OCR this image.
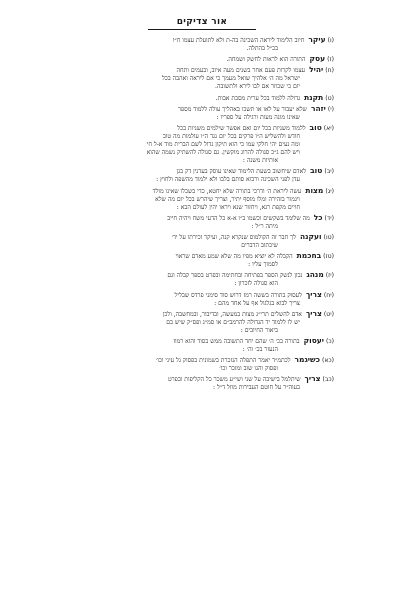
אור צדיקים
(ו)עיקרחיוב הלימוד ליראה השכינה בה-ת ולא לתועלת עצמו ח״ו
בכ״ל בהתלה.
(ז)עסקהתורה הוא לראות לחשק ושמחה.
(ח)יהילעצמו לקרות פעם אחר בשנים מעה איוב, ובעמים ותחה
ישראל מה ה׳ אלהיך שואל מעמך כי אם ליראה ואהבה בכל
יום כי שכוזר אם לבו לירא ולתשובה.
(ט)תקנתגדולה ללמוד בכל ערית מסכת אבות.
(י)יזהרשלא יעבור על לאו או תשכו באהליך עולה ללמוד מספר
שאינו מונה מעות ורגילה על ספריו :
(יא)טובללמוד משניות בכל יום ואם אפשר שילמים משניות בכל
חודש ולהשליש ה״ו פרקים בכל יום נגד ה״ו עולמות מה טוב
ומה נעים יהי חלקי עמו כי הוא תיקון גדול לשם הברית מוד א-ל חי
ויש להם ג״כ סגולה להרוג מוקשין. גם סגולה להשתיק נשמה שהוא
אותיות משנה :
(יב)טובלאדם שיחשוב בשעת הלימוד שאינו עוסק בעדנין דק בגן
עדן לפני השכינה ורבוא סותם בלבו ולא ילמוד מהשפה ולחוץ :
(יג)מצותעשה ליראת ה׳ ודרכי בתורה שלא יחטא, כדי בשכלו שאינו מולד
ויגמור בזהירה ומלו מוסף יתיר, וצריך שיהרש בכל יום מה שלא
חויים מקפת רגא, ויחזור שנא ויראו יהין לעולם הבא :
(יד)כלמה שלומד בשקשים וכשמו ב״ו א-א כל הדעי משח ויהיה חייב
מיתה ר״ל :
(טו)ועקנהלך חבר זה הקולמוס שנקרא קנה, ועיקר זכירתו על יד׳
שיכתוב הדברים
(טז)בחכמתהקבלה לא יוציא מפיו מה שלא שמע מאדם שראוי
לסמוך עליו :
(יז)מנהגנכון לנשק הספר בפתיחה ובחתימה ובפרט בספר קבלה וגם
הוא סגולה לזכרון :
(יח)צריךלעסוק בתורה בששה רמז דרוש סוד סימני פרדס שבליל
צריך לבוא בגלגול אף על אחד מהם :
(יט)צריךאדם להשלים תרי״ג מצות במעשה, ובדיבור, ובמחשבה, ולכן
יש לו ללמוד יד הגדולה להרמב״ם או סמ״ג ופס״ק שיש בם
ביאור החיובים :
(כ)יעסוקבתורה בכ׳ ה׳ שהם יחד התשובה ממש בסוד והוא רמוז
הנעזר בכ׳ וה׳ :
(כא)כשיגמרלכתמ״ד יאמר התפלה הנזכרת בשמונית בפסוק גל עיני וכו׳
ופסוק והגו שוב ומזכר וכו׳
(כב)צריךשיתלמל בישיבה על שני ושי״ע משכר כל הקליפות ובפרט
בעוה״ר על חוטם העבירות מוזל ד״ל :
